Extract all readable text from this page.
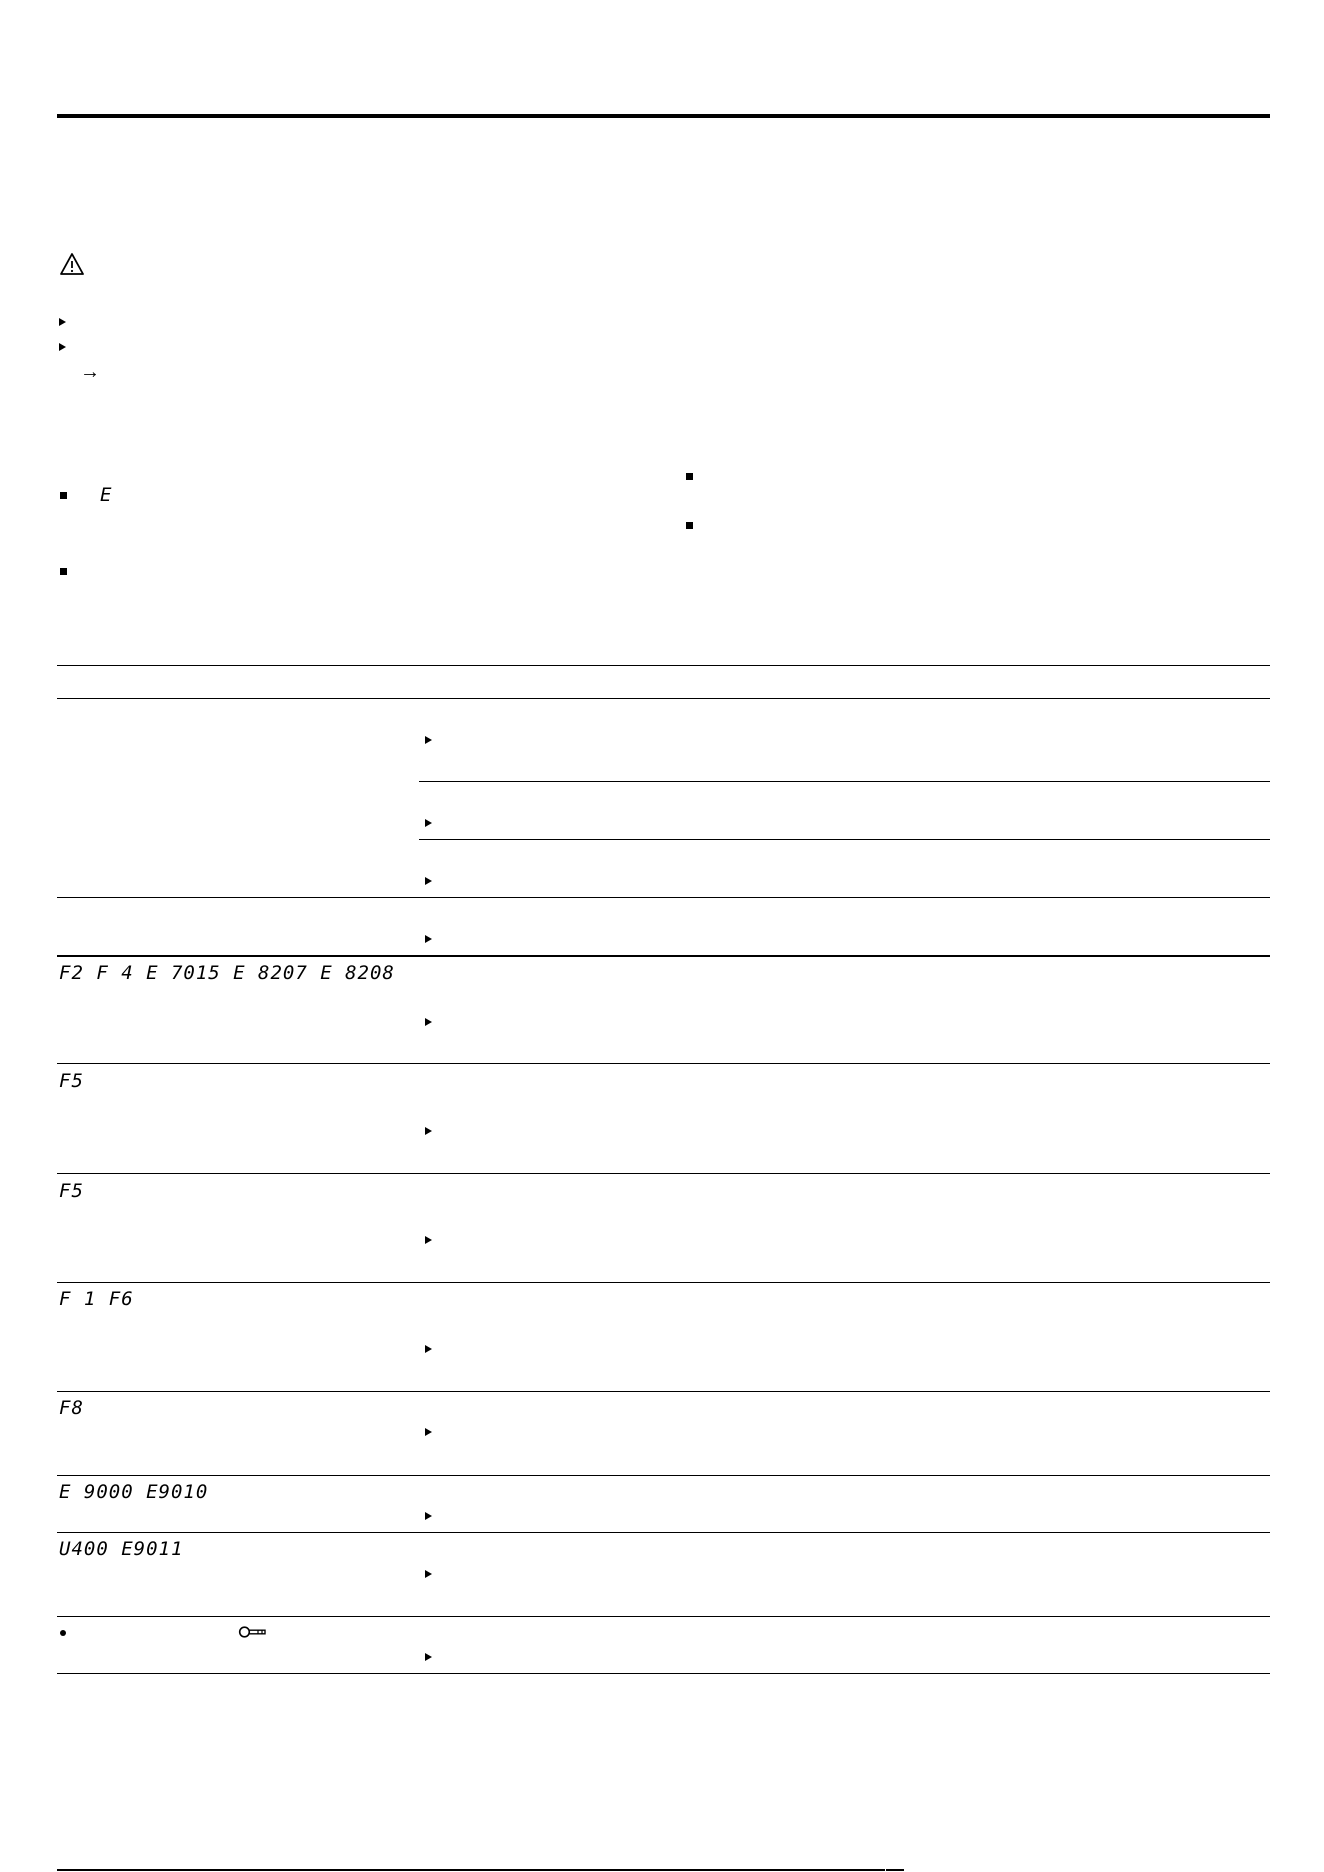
→
E
F2 F 4 E 7015 E 8207 E 8208
F5
F5
F 1 F6
F8
E 9000 E9010
U400 E9011
